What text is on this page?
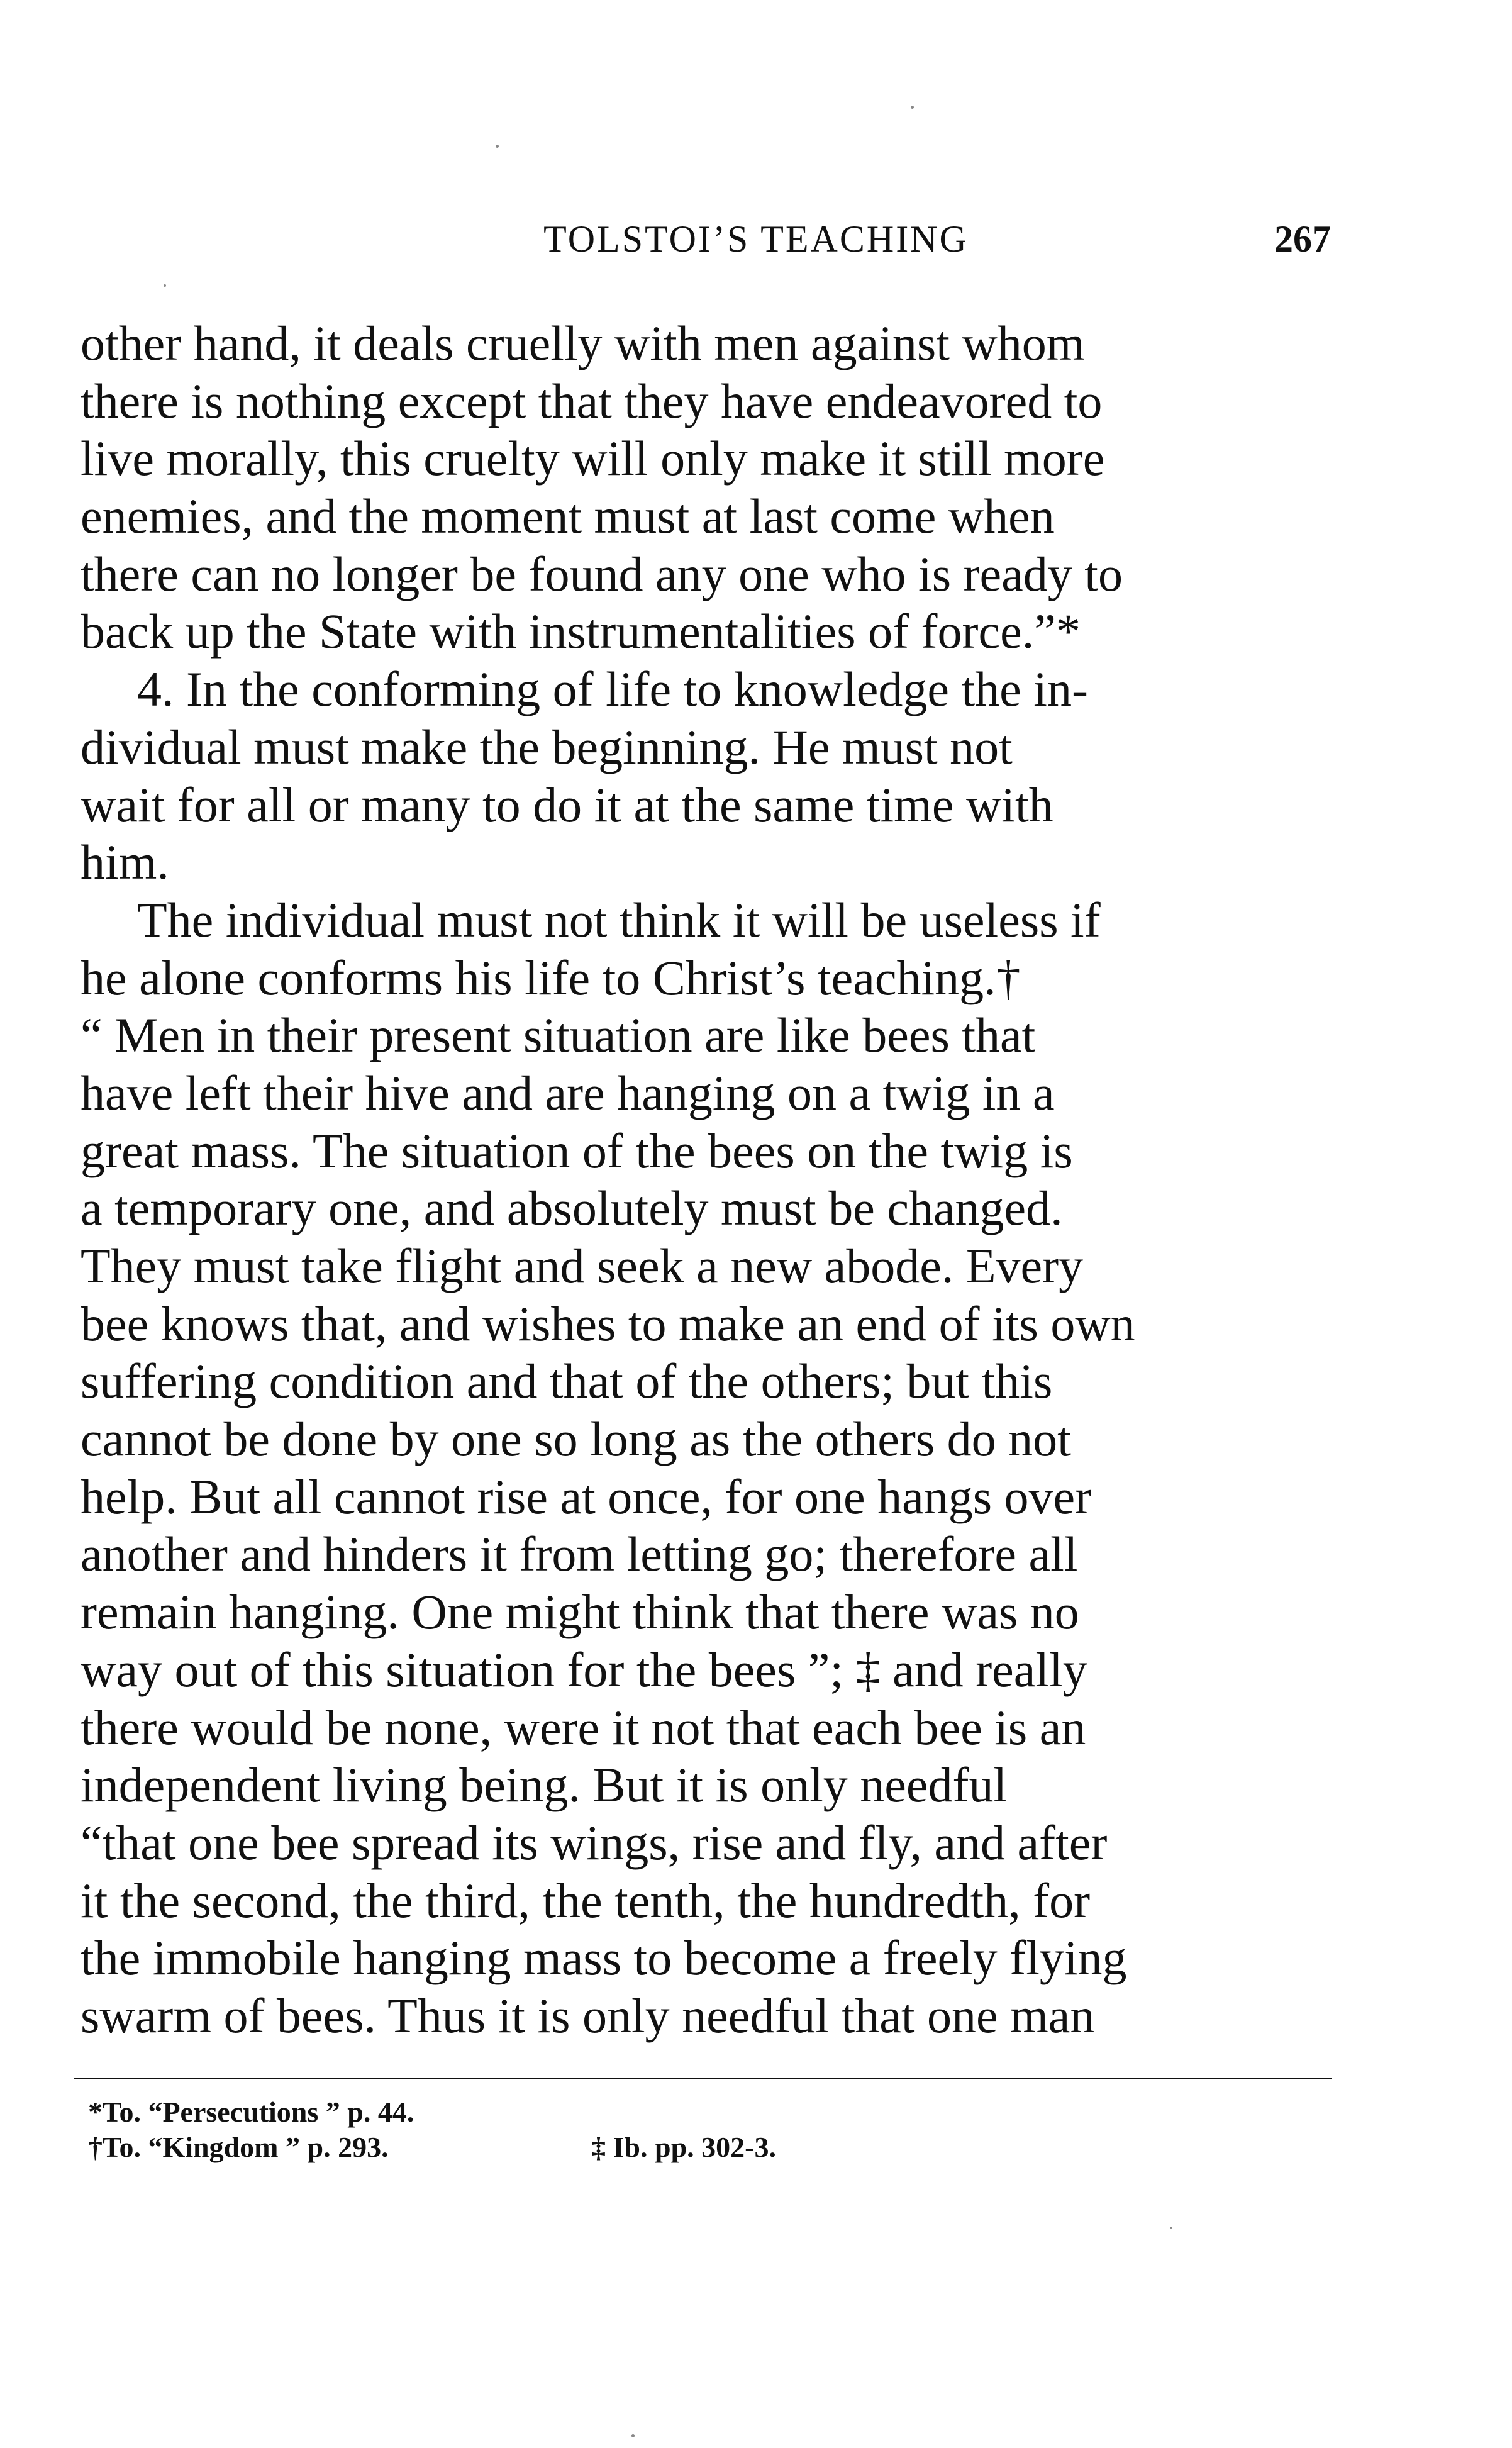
TOLSTOI’S TEACHING	267
other hand, it deals cruelly with men against whom
there is nothing except that they have endeavored to
live morally, this cruelty will only make it still more
enemies, and the moment must at last come when
there can no longer be found any one who is ready to
back up the State with instrumentalities of force.”*
4. In the conforming of life to knowledge the in-
dividual must make the beginning. He must not
wait for all or many to do it at the same time with
him.
The individual must not think it will be useless if
he alone conforms his life to Christ’s teaching.†
“ Men in their present situation are like bees that
have left their hive and are hanging on a twig in a
great mass. The situation of the bees on the twig is
a temporary one, and absolutely must be changed.
They must take flight and seek a new abode. Every
bee knows that, and wishes to make an end of its own
suffering condition and that of the others; but this
cannot be done by one so long as the others do not
help. But all cannot rise at once, for one hangs over
another and hinders it from letting go; therefore all
remain hanging. One might think that there was no
way out of this situation for the bees ”; ‡ and really
there would be none, were it not that each bee is an
independent living being. But it is only needful
“that one bee spread its wings, rise and fly, and after
it the second, the third, the tenth, the hundredth, for
the immobile hanging mass to become a freely flying
swarm of bees. Thus it is only needful that one man
*To. “Persecutions ” p. 44.
†To. “Kingdom ” p. 293.	‡ Ib. pp. 302-3.
